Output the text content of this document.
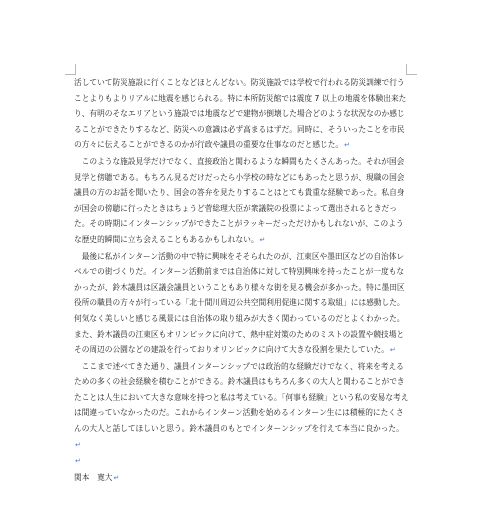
活していて防災施設に行くことなどほとんどない。防災施設では学校で行われる防災訓練で行うことよりもよりリアルに地震を感じられる。特に本所防災館では震度 7 以上の地震を体験出来たり、有明のそなエリアという施設では地震などで建物が倒壊した場合どのような状況なのか感じることができたりするなど、防災への意識は必ず高まるはずだ。同時に、そういったことを市民の方々に伝えることができるのかが行政や議員の重要な仕事なのだと感じた。↵

このような施設見学だけでなく、直接政治と関わるような瞬間もたくさんあった。それが国会見学と傍聴である。もちろん見るだけだったら小学校の時などにもあったと思うが、現職の国会議員の方のお話を聞いたり、国会の答弁を見たりすることはとても貴重な経験であった。私自身が国会の傍聴に行ったときはちょうど菅総理大臣が衆議院の投票によって選出されるときだった。その時期にインターンシップができたことがラッキーだっただけかもしれないが、このような歴史的瞬間に立ち会えることもあるかもしれない。↵

最後に私がインターン活動の中で特に興味をそそられたのが、江東区や墨田区などの自治体レベルでの街づくりだ。インターン活動前までは自治体に対して特別興味を持ったことが一度もなかったが、鈴木議員は区議会議員ということもあり様々な街を見る機会が多かった。特に墨田区役所の職員の方々が行っている「北十間川周辺公共空間利用促進に関する取組」には感動した。何気なく美しいと感じる風景には自治体の取り組みが大きく関わっているのだとよくわかった。また、鈴木議員の江東区もオリンピックに向けて、熱中症対策のためのミストの設置や競技場とその周辺の公園などの建設を行っておりオリンピックに向けて大きな役割を果たしていた。↵

ここまで述べてきた通り、議員インターンシップでは政治的な経験だけでなく、将来を考えるための多くの社会経験を積むことができる。鈴木議員はもちろん多くの大人と関わることができたことは人生において大きな意味を持つと私は考えている。「何事も経験」という私の安易な考えは間違っていなかったのだ。これからインターン活動を始めるインターン生には積極的にたくさんの大人と話してほしいと思う。鈴木議員のもとでインターンシップを行えて本当に良かった。↵

↵

関本　寛大↵
